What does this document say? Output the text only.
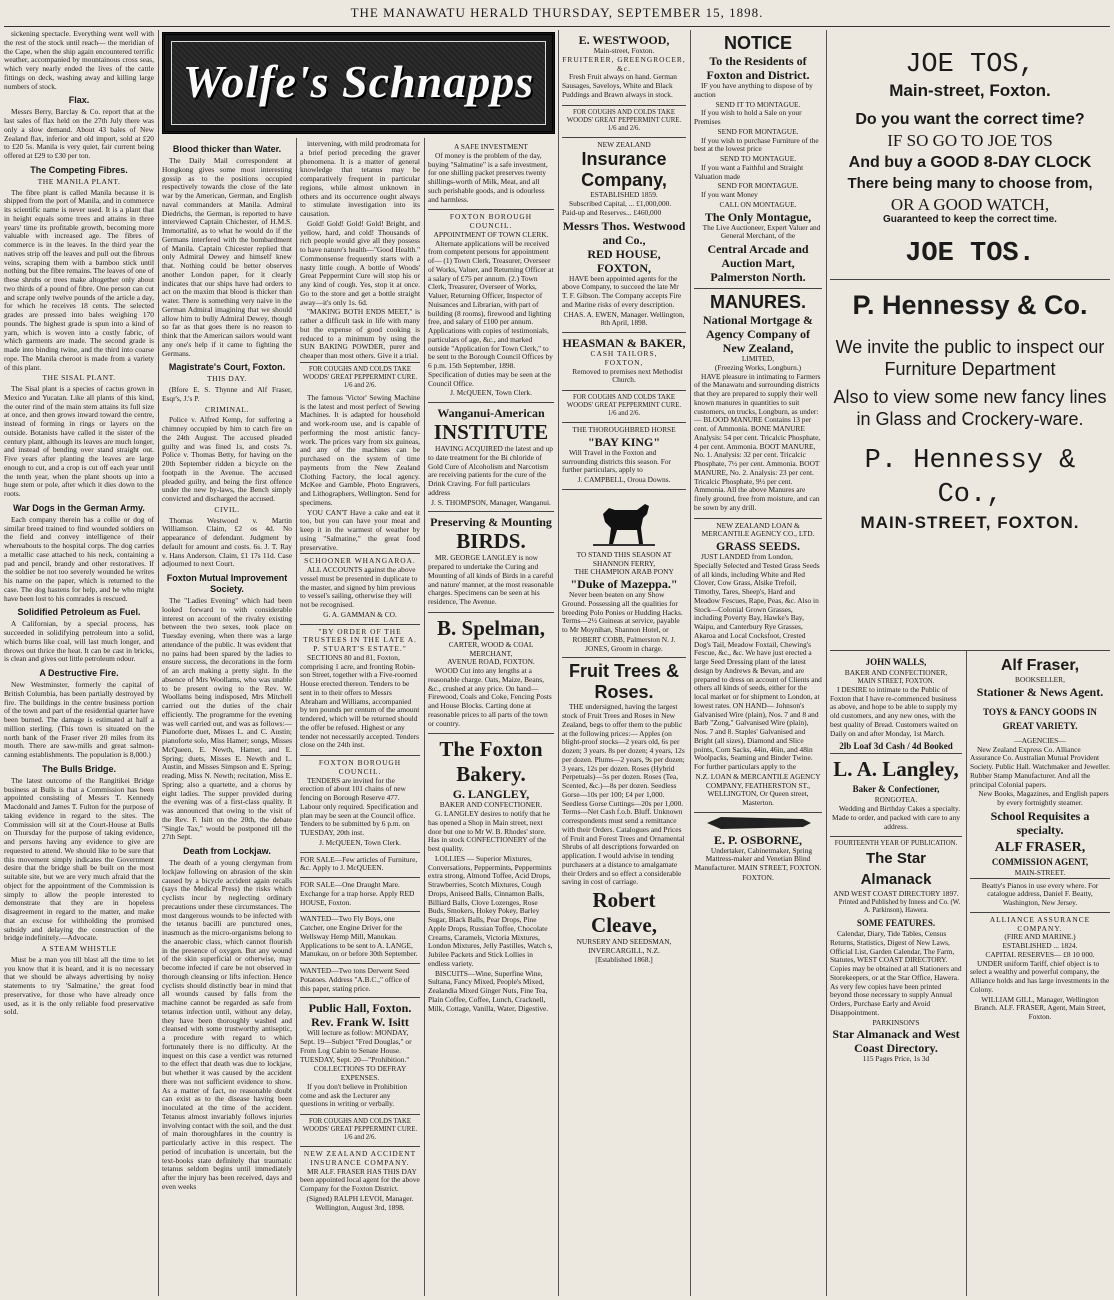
THE MANAWATU HERALD THURSDAY, SEPTEMBER 15, 1898.
Wolfe's Schnapps

sickening spectacle. Everything went well with the rest of the stock until reach— the meridian of the Cape, when the ship again encountered terrific weather, accompanied by mountainous cross seas, which very nearly ended the lives of the cattle fittings on deck, washing away and killing large numbers of stock.

Flax.

Messrs Berry, Barclay & Co. report that at the last sales of flax held on the 27th July there was only a slow demand. About 43 bales of New Zealand flax, inferior and old import, sold at £20 to £20 5s. Manila is very quiet, fair current being offered at £29 to £30 per ton.

The Competing Fibres.
THE MANILA PLANT.

The fibre plant is called Manila because it is shipped from the port of Manila, and in commerce its scientific name is never used. It is a plant that in height equals some trees and attains in three years' time its profitable growth, becoming more valuable with increased age. The fibres of commerce is in the leaves. In the third year the natives strip off the leaves and pull out the fibrous veins, scraping them with a bamboo stick until nothing but the fibre remains. The leaves of one of these shrubs or trees make altogether only about two thirds of a pound of fibre. One person can cut and scrape only twelve pounds of the article a day, for which he receives 18 cents. The selected grades are pressed into bales weighing 170 pounds. The highest grade is spun into a kind of yarn, which is woven into a costly fabric, of which garments are made. The second grade is made into binding twine, and the third into coarse rope. The Manila cheroot is made from a variety of this plant.

THE SISAL PLANT.

The Sisal plant is a species of cactus grown in Mexico and Yucatan. Like all plants of this kind, the outer rind of the main stem attains its full size at once, and then grows inward toward the centre, instead of forming in rings or layers on the outside. Botanists have called it the sister of the century plant, although its leaves are much longer, and instead of bending over stand straight out. Five years after planting the leaves are large enough to cut, and a crop is cut off each year until the tenth year, when the plant shoots up into a huge stem or pole, after which it dies down to the roots.

War Dogs in the German Army.

Each company therein has a collie or dog of similar breed trained to find wounded soldiers on the field and convey intelligence of their whereabouts to the hospital corps. The dog carries a metallic case attached to his neck, containing a pad and pencil, brandy and other restoratives. If the soldier be not too severely wounded he writes his name on the paper, which is returned to the case. The dog hastens for help, and he who might have been lost to his comrades is rescued.

Solidified Petroleum as Fuel.

A Californian, by a special process, has succeeded in solidifying petroleum into a solid, which burns like coal, will last much longer, and throws out thrice the heat. It can be cast in bricks, is clean and gives out little petroleum odour.

A Destructive Fire.

New Westminster, formerly the capital of British Columbia, has been partially destroyed by fire. The buildings in the centre business portion of the town and part of the residential quarter have been burned. The damage is estimated at half a million sterling. (This town is situated on the north bank of the Fraser river 20 miles from its mouth. There are saw-mills and great salmon-canning establishments. The population is 8,000.)

The Bulls Bridge.

The latest outcome of the Rangitikei Bridge business at Bulls is that a Commission has been appointed consisting of Messrs T. Kennedy Macdonald and James T. Fulton for the purpose of taking evidence in regard to the sites. The Commission will sit at the Court-House at Bulls on Thursday for the purpose of taking evidence, and persons having any evidence to give are requested to attend. We should like to be sure that this movement simply indicates the Government desire that the bridge shall be built on the most suitable site, but we are very much afraid that the object for the appointment of the Commission is simply to allow the people interested to demonstrate that they are in hopeless disagreement in regard to the matter, and make that an excuse for withholding the promised subsidy and delaying the construction of the bridge indefinitely.—Advocate.

A STEAM WHISTLE

Must be a man you till blast all the time to let you know that it is heard, and it is no necessary that we should be always advertising by noisy statements to try 'Salmatine,' the great food preservative, for those who have already once used, as it is the only reliable food preservative sold.

Blood thicker than Water.

The Daily Mail correspondent at Hongkong gives some most interesting gossip as to the positions occupied respectively towards the close of the late war by the American, German, and English naval commanders at Manila. Admiral Diedrichs, the German, is reported to have interviewed Captain Chichester, of H.M.S. Immortalité, as to what he would do if the Germans interfered with the bombardment of Manila. Captain Chicester replied that only Admiral Dewey and himself knew that. Nothing could be better observes another London paper, for it clearly indicates that our ships have had orders to act on the maxim that blood is thicker than water. There is something very naive in the German Admiral imagining that we should allow him to bully Admiral Dewey, though so far as that goes there is no reason to think that the American sailors would want any one's help if it came to fighting the Germans.

Magistrate's Court, Foxton.
THIS DAY.

(Bfore E. S. Thynne and Alf Fraser, Esqr's, J.'s P.

CRIMINAL.

Police v. Alfred Kemp, for suffering a chimney occupied by him to catch fire on the 24th August. The accused pleaded guilty and was fined 1s, and costs 7s. Police v. Thomas Betty, for having on the 20th September ridden a bicycle on the footpath in the Avenue. The accused pleaded guilty, and being the first offence under the new by-laws, the Bench simply convicted and discharged the accused.

CIVIL.

Thomas Westwood v. Martin Williamson. Claim, £2 os 4d. No appearance of defendant. Judgment by default for amount and costs. 6s. J. T. Ray v. Hans Anderson. Claim, £1 17s 11d. Case adjourned to next Court.

Foxton Mutual Improvement Society.

The "Ladies Evening" which had been looked forward to with considerable interest on account of the rivalry existing between the two sexes, took place on Tuesday evening, when there was a large attendance of the public. It was evident that no pains had been spared by the ladies to ensure success, the decorations in the form of an arch making a pretty sight. In the absence of Mrs Woollams, who was unable to be present owing to the Rev. W. Woollams being indisposed, Mrs Mitchell carried out the duties of the chair efficiently. The programme for the evening was well carried out, and was as follows:—Pianoforte duet, Misses L. and C. Austin; pianoforte solo, Miss Hamer; songs, Misses McQueen, E. Newth, Hamer, and E. Spring; duets, Misses E. Newth and L. Austin, and Misses Simpson and E. Spring; reading, Miss N. Newth; recitation, Miss E. Spring; also a quartette, and a chorus by eight ladies. The supper provided during the evening was of a first-class quality. It was announced that owing to the visit of the Rev. F. Isitt on the 20th, the debate "Single Tax," would be postponed till the 27th Sept.

Death from Lockjaw.

The death of a young clergyman from lockjaw following on abrasion of the skin caused by a bicycle accident again recalls (says the Medical Press) the risks which cyclists incur by neglecting ordinary precautions under these circumstances. The most dangerous wounds to be infected with the tetanus bacilli are punctured ones, inasmuch as the micro-organisms belong to the anaerobic class, which cannot flourish in the presence of oxygen. But any wound of the skin superficial or otherwise, may become infected if care be not observed in thorough cleansing or lifts infection. Hence cyclists should distinctly bear in mind that all wounds caused by falls from the machine cannot be regarded as safe from tetanus infection until, without any delay, they have been thoroughly washed and cleansed with some trustworthy antiseptic, a procedure with regard to which fortunately there is no difficulty. At the inquest on this case a verdict was returned to the effect that death was due to lockjaw, but whether it was caused by the accident there was not sufficient evidence to show. As a matter of fact, no reasonable doubt can exist as to the disease having been inoculated at the time of the accident. Tetanus almost invariably follows injuries involving contact with the soil, and the dust of main thoroughfares in the country is particularly active in this respect. The period of incubation is uncertain, but the text-books state definitely that traumatic tetanus seldom begins until immediately after the injury has been received, days and even weeks

intervening, with mild prodromata for a brief period preceding the graver phenomena. It is a matter of general knowledge that tetanus may be comparatively frequent in particular regions, while almost unknown in others and its occurrence ought always to stimulate investigation into its causation.

Gold! Gold! Gold! Gold! Bright, and yellow, hard, and cold! Thousands of rich people would give all they possess to have nature's health—"Good Health." Commonsense frequently starts with a nasty little cough. A bottle of Woods' Great Peppermint Cure will stop his or any kind of cough. Yes, stop it at once. Go to the store and get a bottle straight away—it's only 1s. 6d.

"MAKING BOTH ENDS MEET," is rather a difficult task in life with many but the expense of good cooking is reduced to a minimum by using the SUN BAKING POWDER, purer and cheaper than most others. Give it a trial.

FOR COUGHS AND COLDS TAKE WOODS' GREAT PEPPERMINT CURE. 1/6 and 2/6.

The famous 'Victor' Sewing Machine is the latest and most perfect of Sewing Machines. It is adapted for household and work-room use, and is capable of performing the most artistic fancy-work. The prices vary from six guineas, and any of the machines can be purchased on the system of time payments from the New Zealand Clothing Factory, the local agency. McKee and Gamble, Photo Engravers, and Lithographers, Wellington. Send for specimens.

YOU CAN'T Have a cake and eat it too, but you can have your meat and keep it in the warmest of weather by using "Salmatine," the great food preservative.

SCHOONER WHANGAROA.

ALL ACCOUNTS against the above vessel must be presented in duplicate to the master, and signed by him previous to vessel's sailing, otherwise they will not be recognised.

G. A. GAMMAN & CO.
"BY ORDER OF THE TRUSTEES IN THE LATE A. P. STUART'S ESTATE."

SECTIONS 80 and 81, Foxton, comprising 1 acre, and fronting Robin-son Street, together with a Five-roomed House erected thereon. Tenders to be sent in to their offers to Messrs Abraham and Williams, accompanied by ten pounds per centum of the amount tendered, which will be returned should the offer be refused. Highest or any tender not necessarily accepted. Tenders close on the 24th inst.

FOXTON BOROUGH COUNCIL.

TENDERS are invited for the erection of about 101 chains of new fencing on Borough Reserve 477. Labour only required. Specification and plan may be seen at the Council office. Tenders to be submitted by 6 p.m. on TUESDAY, 20th inst.

J. McQUEEN, Town Clerk.
FOR SALE—Few articles of Furniture, &c. Apply to J. McQUEEN.
FOR SALE—One Draught Mare. Exchange for a trap horse. Apply RED HOUSE, Foxton.
WANTED—Two Fly Boys, one Catcher, one Engine Driver for the Wellsway Hemp Mill, Manukau. Applications to be sent to A. LANGE, Manukau, on or before 30th September.
WANTED—Two tons Derwent Seed Potatoes. Address "A.B.C.," office of this paper, stating price.
Public Hall, Foxton.
Rev. Frank W. Isitt

Will lecture as follow: MONDAY, Sept. 19—Subject "Fred Douglas," or From Log Cabin to Senate House. TUESDAY, Sept. 20—"Prohibition."

COLLECTIONS TO DEFRAY EXPENSES.

If you don't believe in Prohibition come and ask the Lecturer any questions in writing or verbally.

FOR COUGHS AND COLDS TAKE WOODS' GREAT PEPPERMINT CURE. 1/6 and 2/6.
NEW ZEALAND ACCIDENT INSURANCE COMPANY.

MR ALF. FRASER HAS THIS DAY been appointed local agent for the above Company for the Foxton District.

(Signed) RALPH LEVOI, Manager. Wellington, August 3rd, 1898.
A SAFE INVESTMENT

Of money is the problem of the day, buying "Salmatine" is a safe investment, for one shilling packet preserves twenty shillings-worth of Milk, Meat, and all such perishable goods, and is odourless and harmless.

FOXTON BOROUGH COUNCIL.
APPOINTMENT OF TOWN CLERK.

Alternate applications will be received from competent persons for appointment of— (1) Town Clerk, Treasurer, Overseer of Works, Valuer, and Returning Officer at a salary of £75 per annum. (2.) Town Clerk, Treasurer, Overseer of Works, Valuer, Returning Officer, Inspector of Nuisances and Librarian, with part of building (8 rooms), firewood and lighting free, and salary of £100 per annum. Applications with copies of testimonials, particulars of age, &c., and marked outside "Application for Town Clerk," to be sent to the Borough Council Offices by 6 p.m. 15th September, 1898. Specification of duties may be seen at the Council Office.

J. McQUEEN, Town Clerk.
Wanganui-American
INSTITUTE

HAVING ACQUIRED the latest and up to date treatment for the Bi chloride of Gold Cure of Alcoholism and Narcotism are receiving patients for the cure of the Drink Craving. For full particulars address

J. S. THOMPSON, Manager, Wanganui.
Preserving & Mounting
BIRDS.

MR. GEORGE LANGLEY is now prepared to undertake the Curing and Mounting of all kinds of Birds in a careful and nature' manner, at the most reasonable charges. Specimens can be seen at his residence, The Avenue.

B. Spelman,
CARTER, WOOD & COAL MERCHANT,
AVENUE ROAD, FOXTON.

WOOD Cut into any lengths at a reasonable charge. Oats, Maize, Beans, &c., crushed at any price. On hand—Firewood, Coals and Coke, Fencing Posts and House Blocks. Carting done at reasonable prices to all parts of the town or country.

The Foxton Bakery.
G. LANGLEY,
BAKER AND CONFECTIONER.

G. LANGLEY desires to notify that he has opened a Shop in Main street, next door but one to Mr W. B. Rhodes' store. Has in stock CONFECTIONERY of the best quality.

LOLLIES — Superior Mixtures, Conversations, Peppermints, Peppermints extra strong, Almond Toffee, Acid Drops, Strawberries, Scotch Mixtures, Cough Drops, Aniseed Balls, Cinnamon Balls, Billiard Balls, Clove Lozenges, Rose Buds, Smokers, Hokey Pokey, Barley Sugar, Black Balls, Pear Drops, Pine Apple Drops, Russian Toffee, Chocolate Creams, Caramels, Victoria Mixtures, London Mixtures, Jelly Pastilles, Watch s, Jubilee Packets and Stick Lollies in endless variety.

BISCUITS—Wine, Superfine Wine, Sultana, Fancy Mixed, People's Mixed, Zealandia Mixed Ginger Nuts, Fine Tea, Plain Coffee, Coffee, Lunch, Cracknell, Milk, Cottage, Vanilla, Water, Digestive.

E. WESTWOOD,
Main-street, Foxton.
FRUITERER, GREENGROCER, &c.

Fresh Fruit always on hand. German Sausages, Saveloys, White and Black Puddings and Brawn always in stock.

FOR COUGHS AND COLDS TAKE WOODS' GREAT PEPPERMINT CURE. 1/6 and 2/6.
NEW ZEALAND
Insurance Company,
ESTABLISHED 1859.

Subscribed Capital, ... £1,000,000. Paid-up and Reserves... £460,000

Messrs Thos. Westwood and Co.,
RED HOUSE, FOXTON,

HAVE been appointed agents for the above Company, to succeed the late Mr T. F. Gibson. The Company accepts Fire and Marine risks of every description.

CHAS. A. EWEN, Manager. Wellington, 8th April, 1898.
HEASMAN & BAKER,
CASH TAILORS,
FOXTON,

Removed to premises next Methodist Church.

FOR COUGHS AND COLDS TAKE WOODS' GREAT PEPPERMINT CURE. 1/6 and 2/6.
THE THOROUGHBRED HORSE
"BAY KING"

Will Travel in the Foxton and surrounding districts this season. For further particulars, apply to

J. CAMPBELL, Oroua Downs.
TO STAND THIS SEASON AT SHANNON FERRY,
THE CHAMPION ARAB PONY
"Duke of Mazeppa."

Never been beaten on any Show Ground. Possessing all the qualities for breeding Polo Ponies or Hudding Hacks. Terms—2½ Guineas at service, payable to Mr Moynihan, Shannon Hotel, or

ROBERT COBB, Palmerston N. J. JONES, Groom in charge.
Fruit Trees & Roses.

THE undersigned, having the largest stock of Fruit Trees and Roses in New Zealand, begs to offer them to the public at the following prices:— Apples (on blight-proof stocks—2 years old, 6s per dozen; 3 years. 8s per dozen; 4 years, 12s per dozen. Plums—2 years, 9s per dozen; 3 years, 12s per dozen. Roses (Hybrid Perpetuals)—5s per dozen. Roses (Tea, Scented, &c.)—8s per dozen. Seedless Gorse—10s per 100; £4 per 1,000. Seedless Gorse Cuttings—20s per 1,000. Terms—Net Cash f.o.b. Bluff. Unknown correspondents must send a remittance with their Orders. Catalogues and Prices of Fruit and Forest Trees and Ornamental Shrubs of all descriptions forwarded on application. I would advise in tending purchasers at a distance to amalgamate their Orders and so effect a considerable saving in cost of carriage.

Robert Cleave,
NURSERY AND SEEDSMAN,
INVERCARGILL, N.Z.
[Established 1868.]
NOTICE
To the Residents of Foxton and District.

IF you have anything to dispose of by auction

SEND IT TO MONTAGUE.

If you wish to hold a Sale on your Premises

SEND FOR MONTAGUE.

If you wish to purchase Furniture of the best at the lowest price

SEND TO MONTAGUE.

If you want a Faithful and Straight Valuation made

SEND FOR MONTAGUE.

If you want Money

CALL ON MONTAGUE.
The Only Montague,

The Live Auctioneer, Expert Valuer and General Merchant, of the

Central Arcade and Auction Mart,
Palmerston North.
MANURES.
National Mortgage & Agency Company of New Zealand,
LIMITED,
(Freezing Works, Longburn.)

HAVE pleasure in intimating to Farmers of the Manawatu and surrounding districts that they are prepared to supply their well known manures in quantities to suit customers, on trucks, Longburn, as under:— BLOOD MANURE Contains 13 per cent. of Ammonia. BONE MANURE Analysis: 54 per cent. Tricalcic Phosphate, 4 per cent. Ammonia. BOOT MANURE, No. 1. Analysis: 32 per cent. Tricalcic Phosphate, 7½ per cent. Ammonia. BOOT MANURE, No. 2. Analysis: 23 per cent. Tricalcic Phosphate, 9½ per cent. Ammonia. All the above Manures are finely ground, free from moisture, and can be sown by any drill.

NEW ZEALAND LOAN & MERCANTILE AGENCY CO., LTD.
GRASS SEEDS.

JUST LANDED from London, Specially Selected and Tested Grass Seeds of all kinds, including White and Red Clover, Cow Grass, Alsike Trefoil, Timothy, Tares, Sheep's, Hard and Meadow Fescues, Rape, Peas, &c. Also in Stock—Colonial Grown Grasses, including Poverty Bay, Hawke's Bay, Waipu, and Canterbury Rye Grasses, Akaroa and Local Cocksfoot, Crested Dog's Tail, Meadow Foxtail, Chewing's Fescue, &c., &c. We have just erected a large Seed Dressing plant of the latest design by Andrews & Bevan, and are prepared to dress on account of Clients and others all kinds of seeds, either for the local market or for shipment to London, at lowest rates. ON HAND— Johnson's Galvanised Wire (plain), Nos. 7 and 8 and Barb "Zong," Galvanised Wire (plain), Nos. 7 and 8. Staples' Galvanised and Bright (all sizes), Diamond and Slice points, Corn Sacks, 44in, 46in, and 48in Woolpacks, Seaming and Binder Twine. For further particulars apply to the

N.Z. LOAN & MERCANTILE AGENCY COMPANY, FEATHERSTON ST., WELLINGTON, Or Queen street, Masterton.
E. P. OSBORNE,

Undertaker, Cabinetmaker, Spring Mattress-maker and Venetian Blind Manufacturer. MAIN STREET, FOXTON.

FOXTON.
JOE TOS,
Main-street, Foxton.
Do you want the correct time?
IF SO GO TO JOE TOS
And buy a GOOD 8-DAY CLOCK
There being many to choose from,
OR A GOOD WATCH,
Guaranteed to keep the correct time.
JOE TOS.
P. Hennessy & Co.
We invite the public to inspect our Furniture Department
Also to view some new fancy lines in Glass and Crockery-ware.
P. Hennessy & Co.,
MAIN-STREET, FOXTON.
JOHN WALLS,
BAKER AND CONFECTIONER,
MAIN STREET, FOXTON.

I DESIRE to intimate to the Public of Foxton that I have re-commenced business as above, and hope to be able to supply my old customers, and any new ones, with the best quality of Bread. Customers waited on Daily on and after Monday, 1st March.

2lb Loaf 3d Cash / 4d Booked
L. A. Langley,
Baker & Confectioner,
RONGOTEA.

Wedding and Birthday Cakes a specialty. Made to order, and packed with care to any address.

FOURTEENTH YEAR OF PUBLICATION.
The Star Almanack
AND WEST COAST DIRECTORY 1897.

Printed and Published by Inness and Co. (W. A. Parkinson), Hawera.

SOME FEATURES.

Calendar, Diary, Tide Tables, Census Returns, Statistics, Digest of New Laws, Official List, Garden Calendar, The Farm, Statutes, WEST COAST DIRECTORY. Copies may be obtained at all Stationers and Storekeepers, or at the Star Office, Hawera. As very few copies have been printed beyond those necessary to supply Annual Orders, Purchase Early and Avoid Disappointment.

PARKINSON'S
Star Almanack and West Coast Directory.
115 Pages Price, 1s 3d
Alf Fraser,
BOOKSELLER,
Stationer & News Agent.
TOYS & FANCY GOODS IN GREAT VARIETY.
—AGENCIES—

New Zealand Express Co. Alliance Assurance Co. Australian Mutual Provident Society. Public Hall. Watchmaker and Jeweller. Rubber Stamp Manufacturer. And all the principal Colonial papers.

New Books, Magazines, and English papers by every fortnightly steamer.

School Requisites a specialty.
ALF FRASER,
COMMISSION AGENT,
MAIN-STREET.
Beatty's Pianos in use every where. For catalogue address, Daniel F. Beatty, Washington, New Jersey.
ALLIANCE ASSURANCE COMPANY.
(FIRE AND MARINE.)
ESTABLISHED ... 1824.
CAPITAL RESERVES— £8 10 000.

UNDER uniform Tariff, chief object is to select a wealthy and powerful company, the Alliance holds and has large investments in the Colony.

WILLIAM GILL, Manager, Wellington Branch. ALF. FRASER, Agent, Main Street, Foxton.
